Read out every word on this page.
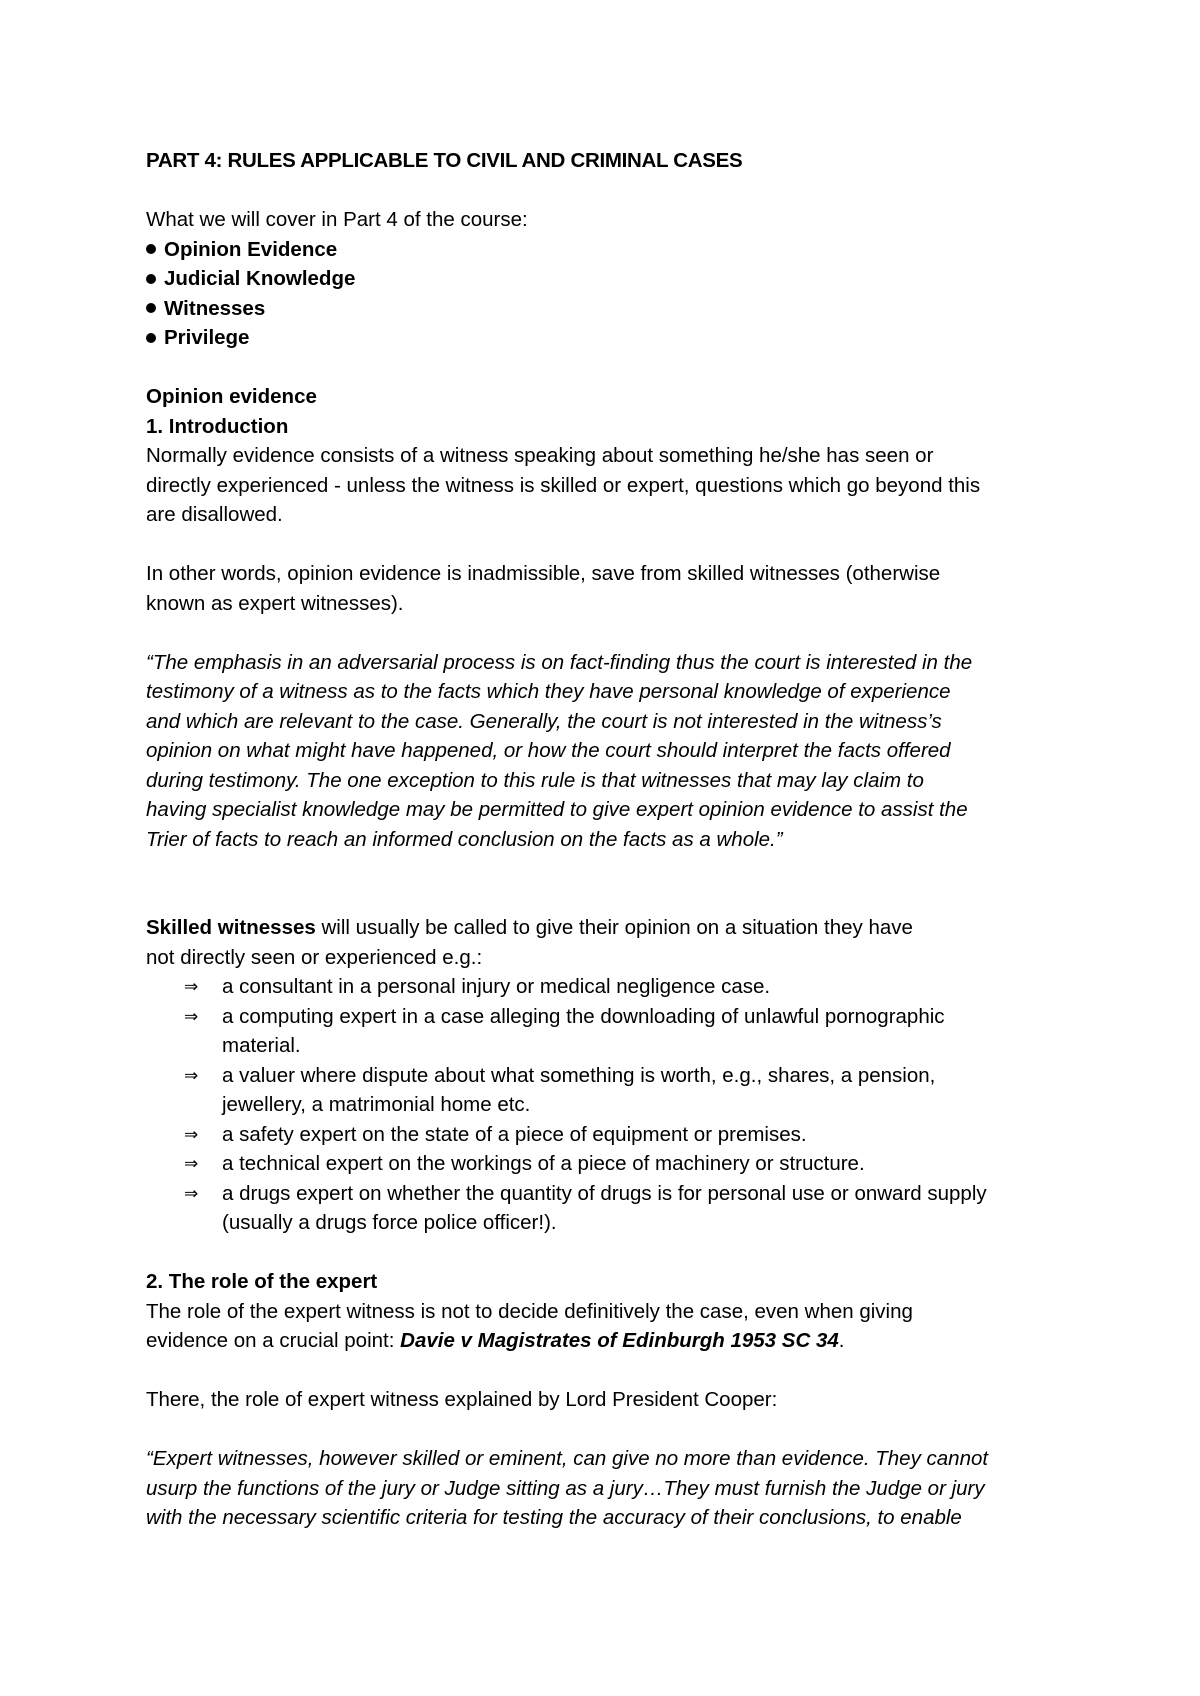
PART 4: RULES APPLICABLE TO CIVIL AND CRIMINAL CASES
What we will cover in Part 4 of the course:
Opinion Evidence
Judicial Knowledge
Witnesses
Privilege
Opinion evidence
1. Introduction
Normally evidence consists of a witness speaking about something he/she has seen or
directly experienced - unless the witness is skilled or expert, questions which go beyond this
are disallowed.
In other words, opinion evidence is inadmissible, save from skilled witnesses (otherwise
known as expert witnesses).
“The emphasis in an adversarial process is on fact-finding thus the court is interested in the
testimony of a witness as to the facts which they have personal knowledge of experience
and which are relevant to the case. Generally, the court is not interested in the witness’s
opinion on what might have happened, or how the court should interpret the facts offered
during testimony. The one exception to this rule is that witnesses that may lay claim to
having specialist knowledge may be permitted to give expert opinion evidence to assist the
Trier of facts to reach an informed conclusion on the facts as a whole.”
Skilled witnesses will usually be called to give their opinion on a situation they have
not directly seen or experienced e.g.:
⇒	a consultant in a personal injury or medical negligence case.
⇒	a computing expert in a case alleging the downloading of unlawful pornographic
material.
⇒	a valuer where dispute about what something is worth, e.g., shares, a pension,
jewellery, a matrimonial home etc.
⇒	a safety expert on the state of a piece of equipment or premises.
⇒	a technical expert on the workings of a piece of machinery or structure.
⇒	a drugs expert on whether the quantity of drugs is for personal use or onward supply
(usually a drugs force police officer!).
2. The role of the expert
The role of the expert witness is not to decide definitively the case, even when giving
evidence on a crucial point: Davie v Magistrates of Edinburgh 1953 SC 34.
There, the role of expert witness explained by Lord President Cooper:
“Expert witnesses, however skilled or eminent, can give no more than evidence. They cannot
usurp the functions of the jury or Judge sitting as a jury…They must furnish the Judge or jury
with the necessary scientific criteria for testing the accuracy of their conclusions, to enable
